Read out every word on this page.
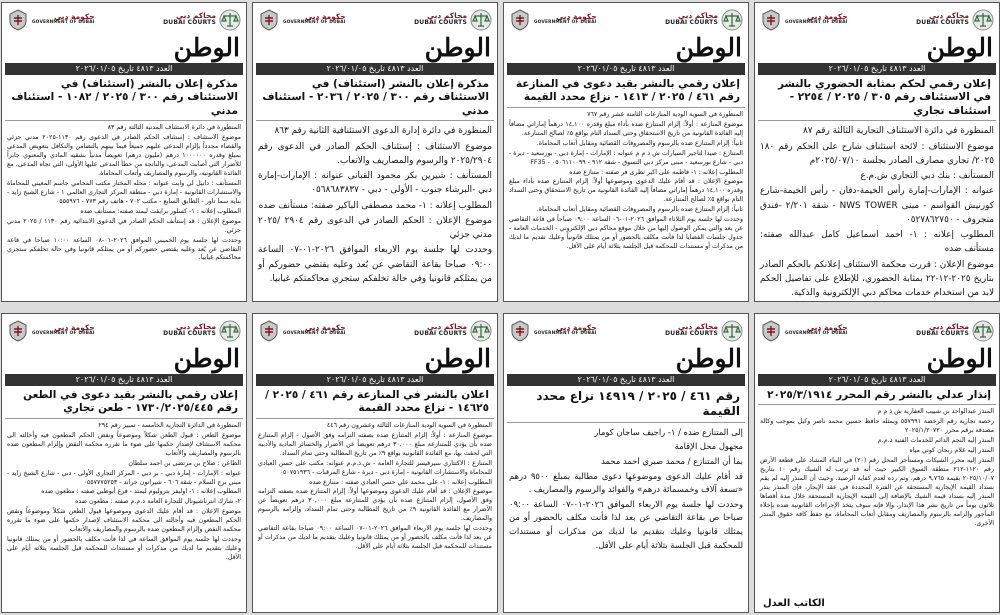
حكومة دبي
GOVERNMENT OF DUBAI
محاكم دبي
DUBAI COURTS
الوطن
العدد ٤٨١٣ تاريخ ٢٠٢٦/٠١/٠٥
إعلان رقمي لحكم بمثابة الحضوري بالنشر في الاستئناف رقم ٣٠٥ / ٢٠٢٥ / ٢٢٥٤ - استئناف تجاري

المنظورة في دائرة الاستئناف التجارية الثالثة رقم ٨٧

موضوع الاستئناف : لائحة استئناف شارح على الحكم رقم ١٨٠ ٢٠٢٥/ تجاري مصارف الصادر بجلسة ٢٠٢٥/٠٧/١٠م

المستأنف : بنك دبي التجاري ش.م.ع

عنوانه : الإمارات-إمارة رأس الخيمة-دفان - رأس الخيمة-شارع كورنيش القواسم - مبنى NWS TOWER - شقة ٢/٢٠١ -فندق متجروف - ٠٥٢٧٨٦٢٧٥٠

المطلوب إعلانه : ١- احمد اسماعيل كامل عبدالله صفته: مستأنف ضده

موضوع الإعلان : قررت محكمة الاستئناف إعلانكم بالحكم الصادر بتاريخ ٢٠٢٥-١٢-٢٢ بمثابة الحضوري، للإطلاع على تفاصيل الحكم لابد من استخدام خدمات محاكم دبي الإلكترونية والذكية.

حكومة دبي
GOVERNMENT OF DUBAI
محاكم دبي
DUBAI COURTS
الوطن
العدد ٤٨١٣ تاريخ ٢٠٢٦/٠١/٠٥
إعلان رقمي بالنشر بقيد دعوى في المنازعة رقم ٤٦١ / ٢٠٢٥ / ١٤١٣ - نزاع محدد القيمة

المنظورة في السوية الودية المنازعات الثامنة عشر رقم ٧٦٧

موضوع المنازعة : أولاً: إلزام المتنازع ضده بأداء مبلغ وقدره ١٤,١٠٠ درهماً إماراتي مضافاً إليه الفائدة القانونية من تاريخ الاستحقاق وحتى السداد التام بواقع ٥٪ لصالح المتنازعة.

ثانياً: إلزام المتنازع ضده بالرسوم والمصروفات القضائية ومقابل أتعاب المحاماة.

المتنازع : صيدا لتاجير السيارات ش ذ م م عنوانه : الإمارات - إمارة دبي - بورسعيد - ديرة - دبي - شارع بورسعيد - مبنى مركز دبي التسوق - شقة ٩١٢ - ٠٥٠٦١١٠٠٩٩ - FF35

المطلوب إعلانه : ١- فاطمة على اكبر نظرى فر صفته : متنازع ضده

موضوع الإعلان : قد أقام عليك الدعوى وموضوعها أولاً: إلزام المتنازع ضده بأداء مبلغ وقدره ١٤,١٠٠ درهماً إماراتي مضافاً إليه الفائدة القانونية من تاريخ الاستحقاق وحتى السداد التام بواقع ٥٪ لصالح المتنازعة.

ثانياً: إلزام المتنازع ضده بالرسوم والمصروفات القضائية ومقابل أتعاب المحاماة.

وحددت لها جلسة يوم الثلاثاء الموافق ٢٠٢٦-٠١-٠٦ الساعة ٠٩:٠٠ صباحاً في قاعة التقاضي عن بعد والتي يمكن الوصول إليها من خلال موقع محاكم دبي الإلكتروني - الخدمات العامة - جدول جلسات القضايا لذا فأنت مكلف بالحضور أو من يمثلك قانونياً وعليك تقديم ما لديك من مذكرات أو مستندات للمحكمة قبل الجلسة بثلاثة أيام على الأقل.

حكومة دبي
GOVERNMENT OF DUBAI
محاكم دبي
DUBAI COURTS
الوطن
العدد ٤٨١٣ تاريخ ٢٠٢٦/٠١/٠٥
مذكرة إعلان بالنشر (استئناف) في الاستئناف رقم ٣٠٠ / ٢٠٢٥ / ٢٠٣٦ - استئناف مدني

المنظورة في دائرة إدارة الدعوى الاستئنافية الثانية رقم ٨٦٣

موضوع الاستئناف : إستئناف الحكم الصادر في الدعوى رقم ٢٠٢٥/٢٩٠٤ والرسوم والمصاريف والاتعاب.

المستأنف : شيرين بكر محمود القبانى عنوانه : الإمارات-إمارة دبي -البرشاء جنوب - الأولى - دبي - ٠٥٦٨٦٨٣٨٣٧

المطلوب إعلانه : ١- محمد مصطفى الباكير صفته: مستأنف ضده

موضوع الإعلان : الحكم الصادر في الدعوى رقم ٢٩٠٤ /٢٠٢٥ مدني جزئي

وحددت لها جلسة يوم الاربعاء الموافق ٢٠٢٦-٠١-٠٧ الساعة ٠٩:٠٠ صباحا بقاعة التقاضي عن بُعد وعليه يقتضي حضوركم أو من يمثلكم قانونيا وفي حالة تخلفكم ستجري محاكمتكم غيابيا.

حكومة دبي
GOVERNMENT OF DUBAI
محاكم دبي
DUBAI COURTS
الوطن
العدد ٤٨١٣ تاريخ ٢٠٢٦/٠١/٠٥
مذكرة إعلان بالنشر (استئناف) في الاستئناف رقم ٣٠٠ / ٢٠٢٥ / ١٠٨٢ - استئناف مدني

المنظورة في دائرة الاستئناف المدنية الثالثة رقم ٨٣

موضوع الاستئناف : إستئناف الحكم الصادر في الدعوى رقم ١١٣٠-٢٠٢٥ مدني جزئي والقضاء مجدداً بإلزام المدعى عليهم جميعاً فيما بينهم بالتضامن والتكافل بتعويض المدعى بمبلغ وقدره ١٠٠٠٠٠٠ درهم (مليون درهم) تعويضاً مدنياً بشقيه المادي والمعنوي جابراً للأضرار التي أصابت المدعى، والناتجة من خطأ المدعى عليها الأولى، التي تجاه المدعى، مع الفائدة القانونية، والرسوم والمصاريف وأتعاب المحاماة.

المستأنف : دانيل لي وايت عنوانه : محله المختار مكتب المحامي جاسم المعيني للمحاماة والاستشارات القانونية - إمارة دبي - منطقة المركز التجاري العالمي ١ - شارع الشيخ زايد - بناية سما تاور - الطابق السابع - مكتب ٧٠٢ - هاتف رقم ٧٧٣ - ٠٥٥٥٩٧٦

المطلوب إعلانه : ١- كسلور برايفت ليمتد صفته: مستأنف ضده

موضوع الإعلان : قد إستأنف الحكم الصادر في الدعوى الابتدائية رقم ١١٣٠ / ٢٠٢٥ مدني جزئي.

وحددت لها جلسة يوم الخميس الموافق ٢٠٢٦-٠١-٠٨ الساعة ١٠:٠٠ صباحا في قاعة التقاضي عن بُعد وعليه يقتضي حضوركم أو من يمثلكم قانونيا وفي حالة تخلفكم ستجري محاكمتكم غيابيا.

حكومة دبي
GOVERNMENT OF DUBAI
محاكم دبي
DUBAI COURTS
الوطن
العدد ٤٨١٣ تاريخ ٢٠٢٦/٠١/٠٥
إنذار عدلي بالنشر رقم المحرر ٢٠٢٥/٣/١٩١٤

المنذر عبدالواحد بن شبيب العفارية ش ذ م م

رخصة تجارية رقم الرخصة ٥٥٧٩٩١ ويمثله حافظ حسين محمد ناصر وكيل بموجب وكالة مصدقة برقم محرر ٢٠٢٥/١/٢٠٧٢٠

المنذر إليه النجم الدائم للخدمات الفنية ذ.م.م

المنذر إليه غلام ربحان كوتي مياه

المنذر إليه محرر الشيكات ومستأجر المحل رقم (٢٠) في البناء المشاد على قطعة الأرض رقم ١١٢٠-٢١٢ منطقة السوق الكبير حيث أنه قد ترتب له الشيك رقم ١٠ بتاريخ ٢٠٢٥/١٠/٠٧ بقيمة ٩,٧٦٥ درهم، وتم رده لعدم كفاية الرصيد، وحيث أن المنذر إليه لم يقم بسداد القيمة الإيجارية المستحقة عن الفترة المحددة في عقد الإيجار، فإن المنذر ينذر المنذر إليه بسداد قيمة الشيك بالإضافة إلى القيمة الإيجارية المستحقة خلال مدة أقصاها ثلاثون يوماً من تاريخ نشر هذا الإنذار، وإلا فإنه سوف يتخذ الإجراءات القانونية ضده بإخلاء المأجور وإلزامه بالرسوم والمصاريف ومقابل أتعاب المحاماة، مع حفظ كافة حقوق المنذر الأخرى.

الكاتب العدل
حكومة دبي
GOVERNMENT OF DUBAI
محاكم دبي
DUBAI COURTS
الوطن
العدد ٤٨١٣ تاريخ ٢٠٢٦/٠١/٠٥
رقم ٤٦١ / ٢٠٢٥ / ١٤٩١٩ نزاع محدد القيمة

إلى المتنازع ضده / ١- راجيف ساجان كومار

مجهول محل الإقامة

بما أن المتنازع / محمد صبري احمد محمد

قد أقام عليك الدعوى وموضوعها دعوى مطالبة بمبلغ ٩٥٠٠ درهم «تسعة آلاف وخمسمائة درهم» والفوائد والرسوم والمصاريف .

وحددت لها جلسة يوم الاربعاء الموافق ٢٠٢٦-٠١-٠٧ الساعة ٠٩:٠٠ صباحا ص بقاعة التقاضي عن بعد لذا فأنت مكلف بالحضور أو من يمثلك قانونيا وعليك بتقديم ما لديك من مذكرات أو مستندات للمحكمة قبل الجلسة بثلاثة أيام على الأقل.

حكومة دبي
GOVERNMENT OF DUBAI
محاكم دبي
DUBAI COURTS
الوطن
العدد ٤٨١٣ تاريخ ٢٠٢٦/٠١/٠٥
اعلان بالنشر في المنازعة رقم ٤٦١ / ٢٠٢٥ / ١٤٦٢٥ - نزاع محدد القيمة

المنظورة في السوية الودية المنازعات الثالثة وعشرون رقم ٤٤٦

موضوع المنازعة : أولاً: إلزام المتنازع ضده بصفته التزامه وفق الأصول - إلزام المتنازع ضده بأن يؤدي للمتنازعة مبلغ ٣٠,٠٠٠ درهم تعويضاً عن الأضرار والخسائر المادية والأدبية التي لحقت بها، مع الفائدة القانونية بواقع ٩٪ من تاريخ المطالبة وحتى تمام السداد.

المتنازع : الاكتتاري سيرفيسز للتجارة العامة - ش.ذ.م.م عنوانه: مكتب على حسن العبادي للمحاماة والاستشارات القانونية - إمارة دبي - ديرة - شارع المرقبات - ٠٥٠٧٥١٩٣٦

المطلوب إعلانه : ١- على محمد علي حسن العبادي صفته : متنازع ضده

موضوع الإعلان : قد أقام عليك الدعوى وموضوعها أولاً: إلزام المتنازع ضده بصفته التزامه وفق الأصول، إلزام المتنازع ضده بأن يؤدي للمتنازعة مبلغ ٣٠,٠٠٠ درهم تعويضاً عن الأضرار مع الفائدة القانونية ٩٪ من تاريخ المطالبة وحتى تمام السداد، وإلزامه بالرسوم والمصاريف.

وحددت لها جلسة يوم الاربعاء الموافق ٢٠٢٦-٠١-٠٧ الساعة ٠٩:٠٠ صباحا بقاعة التقاضي عن بعد لذا فأنت مكلف بالحضور أو من يمثلك قانونيا وعليك بتقديم ما لديك من مذكرات أو مستندات للمحكمة قبل الجلسة بثلاثة أيام على الأقل.

حكومة دبي
GOVERNMENT OF DUBAI
محاكم دبي
DUBAI COURTS
الوطن
العدد ٤٨١٣ تاريخ ٢٠٢٦/٠١/٠٥
إعلان رقمي بالنشر بقيد دعوى في الطعن رقم ١٧٣٠/٢٠٢٥/٤٤٥ - طعن تجاري

المنظورة في الدائرة التجارية الخامسة - تمييز رقم ٢٩٤

موضوع الطعن : قبول الطعن شكلاً وموضوعاً ونقض الحكم المطعون فيه وأحالته الى محكمة الاستئناف لإصدار حكمها على ضوء ما تقرره محكمة النقض وإلزام المطعون ضده بالرسوم والمصاريف والأتعاب

الطاعن : صلاح بن مرتضى بن احمد سلطان

عنوانه : الإمارات - إمارة دبي - بر دبي - المركز التجاري الأولى - دبي - شارع الشيخ زايد - مبنى برج السلام - شقة ٦٠٦ - شيراتون جراند - ٠٥٥٧٧٧٥٢٥٣

المطلوب إعلانه : ١- اوليفر بتروليوم ليمتد - فرع أبوظبي صفته : مطعون ضده

٢- شارك انترناشيونال للتجارة العامة ذ.م.م صفته : مطعون ضده

موضوع الإعلان : قد أقام عليك الدعوى وموضوعها قبول الطعن شكلاً وموضوعاً ونقض الحكم المطعون فيه وأحالته الى محكمة الاستئناف لإصدار حكمها على ضوء ما تقرره محكمة النقض وإلزام المطعون ضده بالرسوم والمصاريف والأتعاب

وحددت لها جلسة يوم الموافق الساعة في لذا فأنت مكلف بالحضور أو من يمثلك قانونيا وعليك بتقديم ما لديك من مذكرات أو مستندات للمحكمة قبل الجلسة بثلاثة أيام على الأقل.
